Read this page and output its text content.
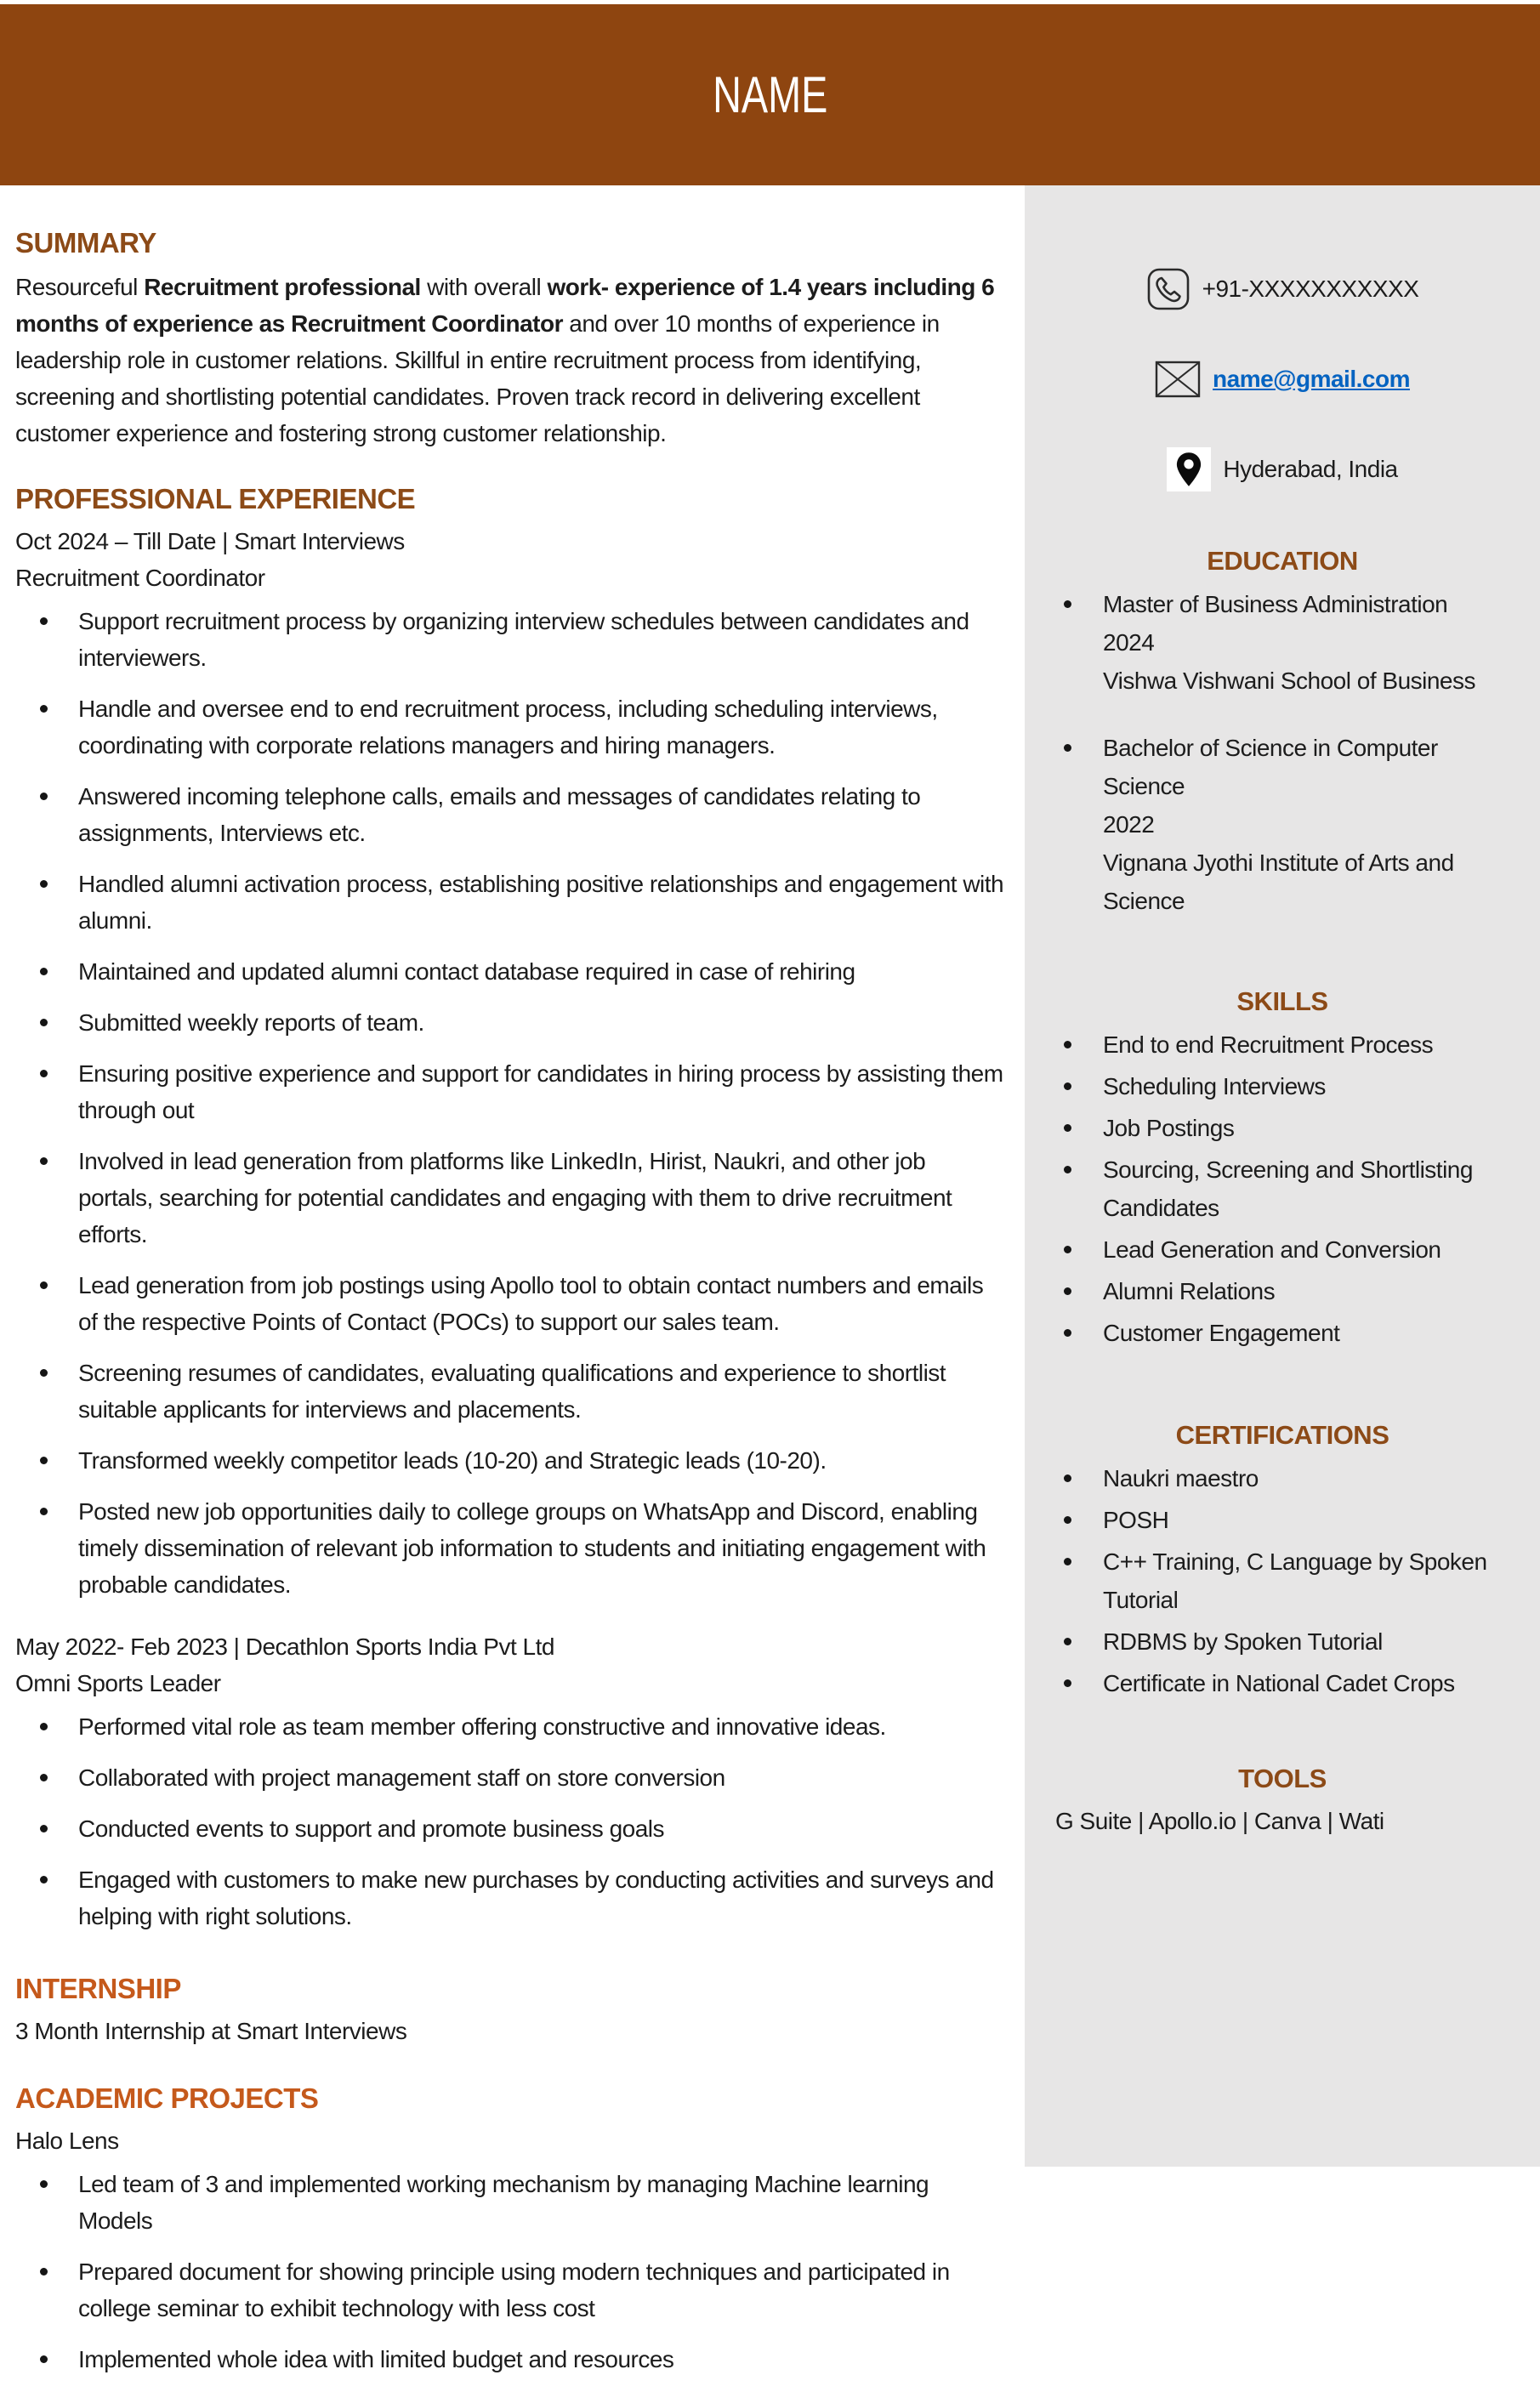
NAME
SUMMARY

Resourceful Recruitment professional with overall work- experience of 1.4 years including 6 months of experience as Recruitment Coordinator and over 10 months of experience in leadership role in customer relations. Skillful in entire recruitment process from identifying, screening and shortlisting potential candidates. Proven track record in delivering excellent customer experience and fostering strong customer relationship.

PROFESSIONAL EXPERIENCE
Oct 2024 – Till Date | Smart Interviews
Recruitment Coordinator
Support recruitment process by organizing interview schedules between candidates and interviewers.
Handle and oversee end to end recruitment process, including scheduling interviews, coordinating with corporate relations managers and hiring managers.
Answered incoming telephone calls, emails and messages of candidates relating to assignments, Interviews etc.
Handled alumni activation process, establishing positive relationships and engagement with alumni.
Maintained and updated alumni contact database required in case of rehiring
Submitted weekly reports of team.
Ensuring positive experience and support for candidates in hiring process by assisting them through out
Involved in lead generation from platforms like LinkedIn, Hirist, Naukri, and other job portals, searching for potential candidates and engaging with them to drive recruitment efforts.
Lead generation from job postings using Apollo tool to obtain contact numbers and emails of the respective Points of Contact (POCs) to support our sales team.
Screening resumes of candidates, evaluating qualifications and experience to shortlist suitable applicants for interviews and placements.
Transformed weekly competitor leads (10-20) and Strategic leads (10-20).
Posted new job opportunities daily to college groups on WhatsApp and Discord, enabling timely dissemination of relevant job information to students and initiating engagement with probable candidates.
May 2022- Feb 2023 | Decathlon Sports India Pvt Ltd
Omni Sports Leader
Performed vital role as team member offering constructive and innovative ideas.
Collaborated with project management staff on store conversion
Conducted events to support and promote business goals
Engaged with customers to make new purchases by conducting activities and surveys and helping with right solutions.
INTERNSHIP
3 Month Internship at Smart Interviews
ACADEMIC PROJECTS
Halo Lens
Led team of 3 and implemented working mechanism by managing Machine learning Models
Prepared document for showing principle using modern techniques and participated in college seminar to exhibit technology with less cost
Implemented whole idea with limited budget and resources
+91-XXXXXXXXXXX
name@gmail.com
Hyderabad, India
EDUCATION
Master of Business Administration
2024
Vishwa Vishwani School of Business
Bachelor of Science in Computer Science
2022
Vignana Jyothi Institute of Arts and Science
SKILLS
End to end Recruitment Process
Scheduling Interviews
Job Postings
Sourcing, Screening and Shortlisting Candidates
Lead Generation and Conversion
Alumni Relations
Customer Engagement
CERTIFICATIONS
Naukri maestro
POSH
C++ Training, C Language by Spoken Tutorial
RDBMS by Spoken Tutorial
Certificate in National Cadet Crops
TOOLS
G Suite | Apollo.io | Canva | Wati
